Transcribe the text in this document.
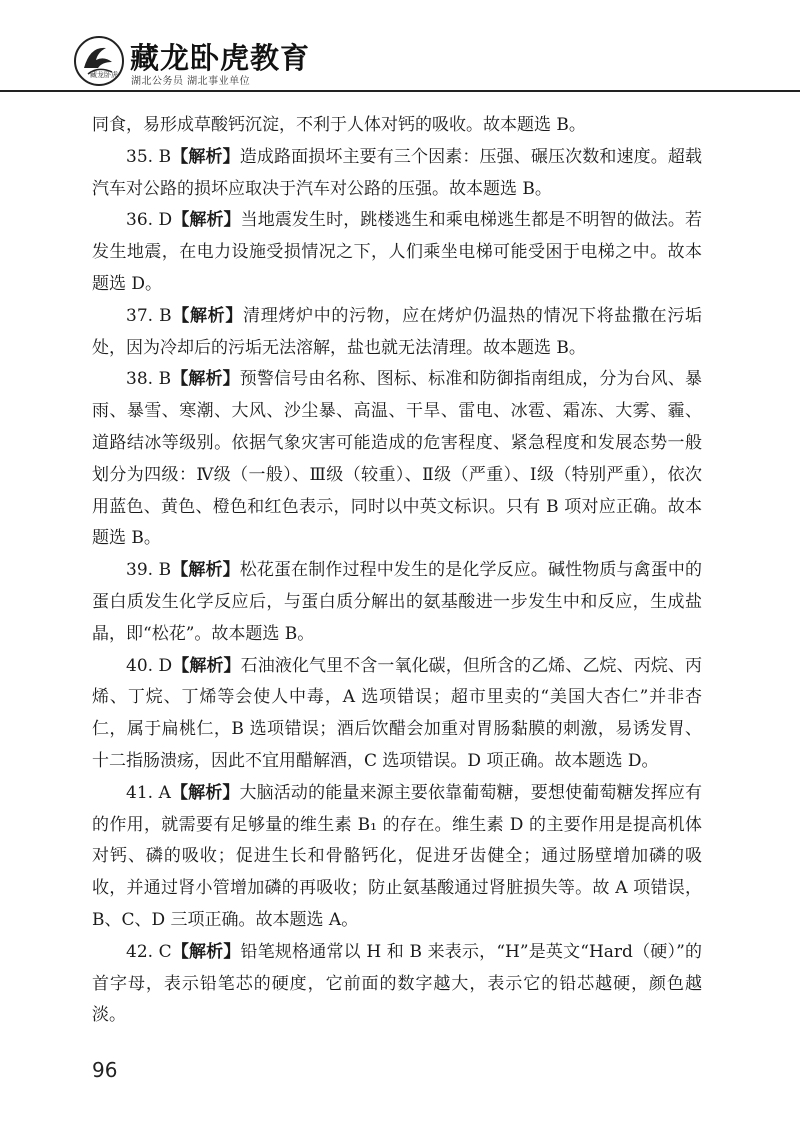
藏龙卧虎 藏龙卧虎教育
湖北公务员 湖北事业单位

同食，易形成草酸钙沉淀，不利于人体对钙的吸收。故本题选 B。

35. B【解析】造成路面损坏主要有三个因素：压强、碾压次数和速度。超载汽车对公路的损坏应取决于汽车对公路的压强。故本题选 B。

36. D【解析】当地震发生时，跳楼逃生和乘电梯逃生都是不明智的做法。若发生地震，在电力设施受损情况之下，人们乘坐电梯可能受困于电梯之中。故本题选 D。

37. B【解析】清理烤炉中的污物，应在烤炉仍温热的情况下将盐撒在污垢处，因为冷却后的污垢无法溶解，盐也就无法清理。故本题选 B。

38. B【解析】预警信号由名称、图标、标准和防御指南组成，分为台风、暴雨、暴雪、寒潮、大风、沙尘暴、高温、干旱、雷电、冰雹、霜冻、大雾、霾、道路结冰等级别。依据气象灾害可能造成的危害程度、紧急程度和发展态势一般划分为四级：Ⅳ级（一般）、Ⅲ级（较重）、Ⅱ级（严重）、Ⅰ级（特别严重），依次用蓝色、黄色、橙色和红色表示，同时以中英文标识。只有 B 项对应正确。故本题选 B。

39. B【解析】松花蛋在制作过程中发生的是化学反应。碱性物质与禽蛋中的蛋白质发生化学反应后，与蛋白质分解出的氨基酸进一步发生中和反应，生成盐晶，即“松花”。故本题选 B。

40. D【解析】石油液化气里不含一氧化碳，但所含的乙烯、乙烷、丙烷、丙烯、丁烷、丁烯等会使人中毒，A 选项错误；超市里卖的“美国大杏仁”并非杏仁，属于扁桃仁，B 选项错误；酒后饮醋会加重对胃肠黏膜的刺激，易诱发胃、十二指肠溃疡，因此不宜用醋解酒，C 选项错误。D 项正确。故本题选 D。

41. A【解析】大脑活动的能量来源主要依靠葡萄糖，要想使葡萄糖发挥应有的作用，就需要有足够量的维生素 B₁ 的存在。维生素 D 的主要作用是提高机体对钙、磷的吸收；促进生长和骨骼钙化，促进牙齿健全；通过肠壁增加磷的吸收，并通过肾小管增加磷的再吸收；防止氨基酸通过肾脏损失等。故 A 项错误，B、C、D 三项正确。故本题选 A。

42. C【解析】铅笔规格通常以 H 和 B 来表示，“H”是英文“Hard（硬）”的首字母，表示铅笔芯的硬度，它前面的数字越大，表示它的铅芯越硬，颜色越淡。

96
